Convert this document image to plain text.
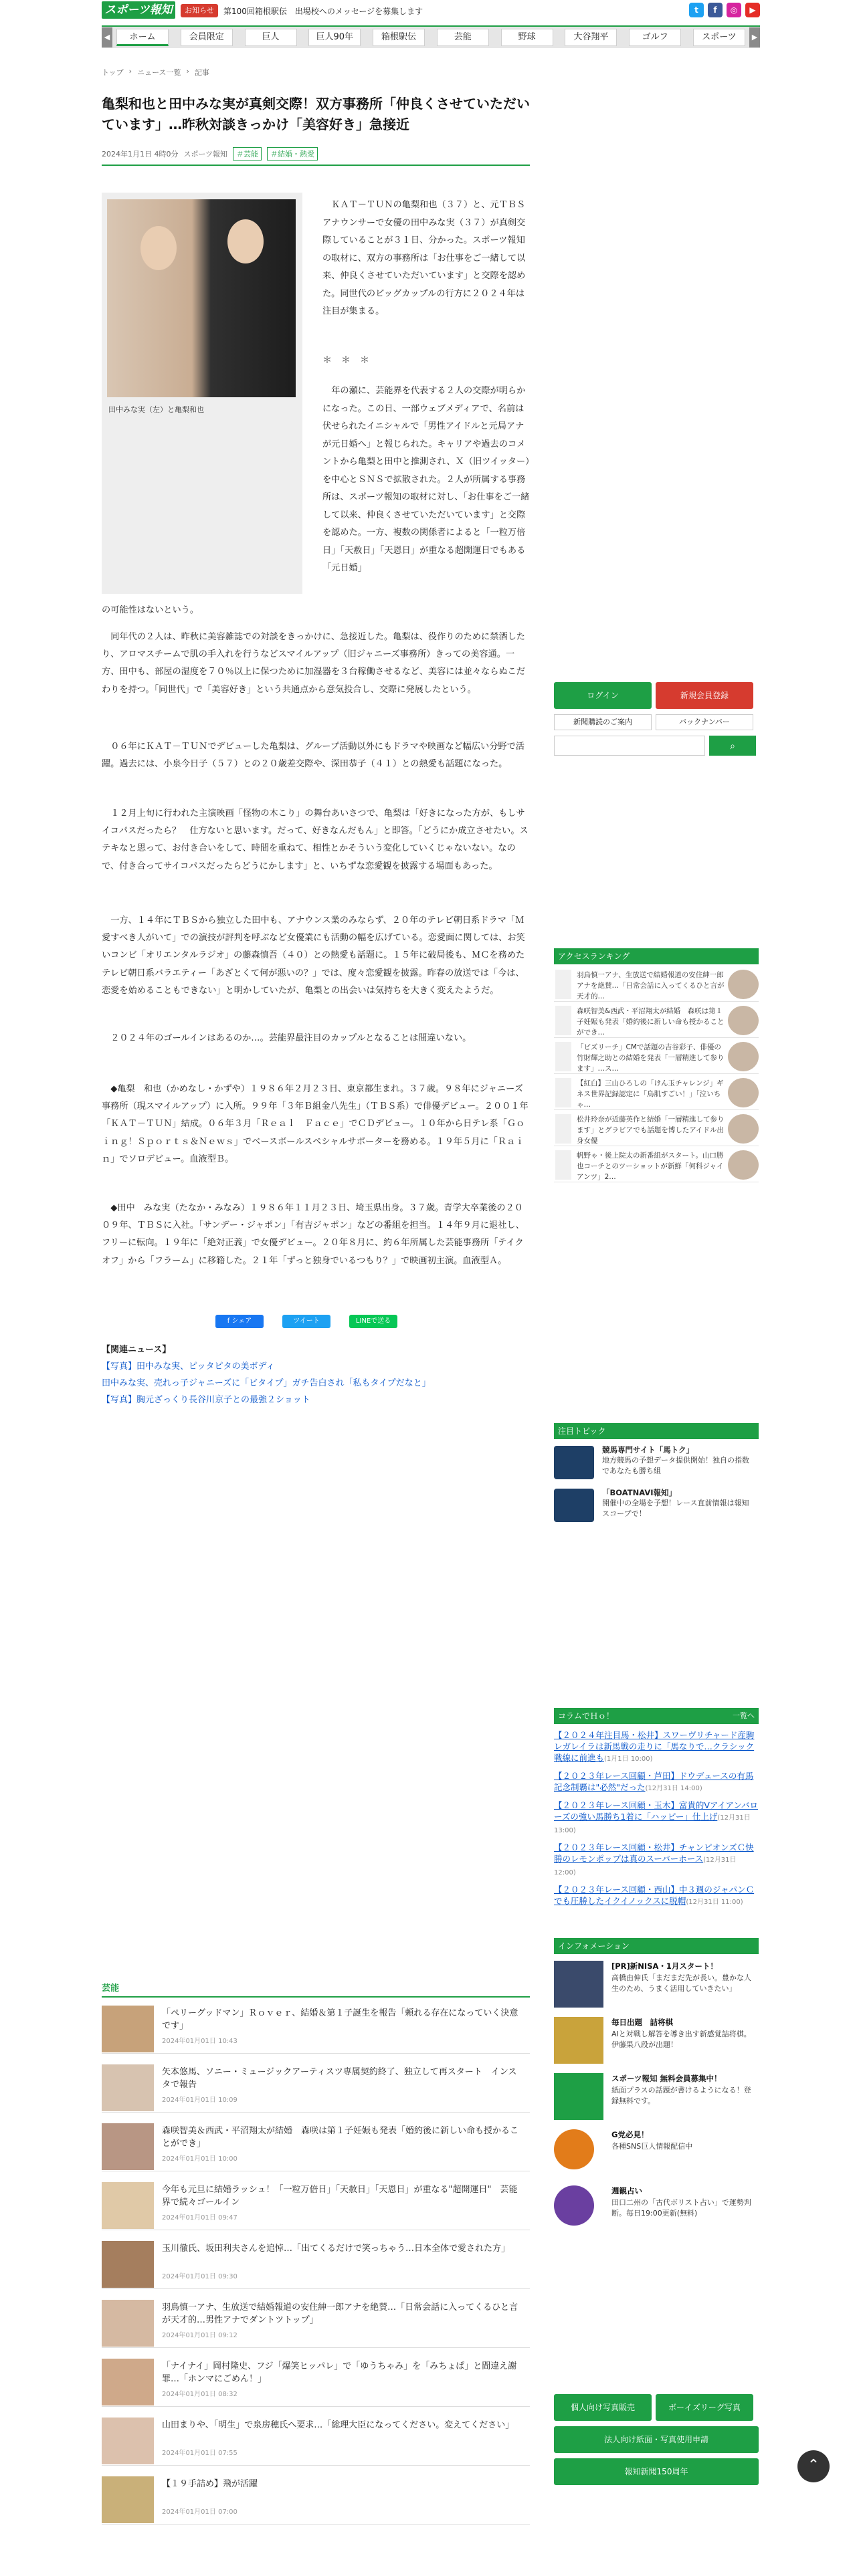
スポーツ報知	お知らせ	第100回箱根駅伝　出場校へのメッセージを募集します	t	f	◎	▶
◀	ホーム	会員限定	巨人	巨人90年	箱根駅伝	芸能	野球	大谷翔平	ゴルフ	スポーツ	▶
トップ › ニュース一覧 › 記事
亀梨和也と田中みな実が真剣交際！双方事務所「仲良くさせていただいています」…昨秋対談きっかけ「美容好き」急接近
2024年1月1日 4時0分 スポーツ報知	＃芸能	＃結婚・熱愛
田中みな実（左）と亀梨和也

ＫＡＴ－ＴＵＮの亀梨和也（３７）と、元ＴＢＳアナウンサーで女優の田中みな実（３７）が真剣交際していることが３１日、分かった。スポーツ報知の取材に、双方の事務所は「お仕事をご一緒して以来、仲良くさせていただいています」と交際を認めた。同世代のビッグカップルの行方に２０２４年は注目が集まる。

＊＊＊

年の瀬に、芸能界を代表する２人の交際が明らかになった。この日、一部ウェブメディアで、名前は伏せられたイニシャルで「男性アイドルと元局アナが元日婚へ」と報じられた。キャリアや過去のコメントから亀梨と田中と推測され、Ｘ（旧ツイッター）を中心とＳＮＳで拡散された。２人が所属する事務所は、スポーツ報知の取材に対し、「お仕事をご一緒して以来、仲良くさせていただいています」と交際を認めた。一方、複数の関係者によると「一粒万倍日」「天赦日」「天恩日」が重なる超開運日でもある「元日婚」

の可能性はないという。

同年代の２人は、昨秋に美容雑誌での対談をきっかけに、急接近した。亀梨は、役作りのために禁酒したり、アロマスチームで肌の手入れを行うなどスマイルアップ（旧ジャニーズ事務所）きっての美容通。一方、田中も、部屋の湿度を７０％以上に保つために加湿器を３台稼働させるなど、美容には並々ならぬこだわりを持つ。「同世代」で「美容好き」という共通点から意気投合し、交際に発展したという。

０６年にＫＡＴ－ＴＵＮでデビューした亀梨は、グループ活動以外にもドラマや映画など幅広い分野で活躍。過去には、小泉今日子（５７）との２０歳差交際や、深田恭子（４１）との熱愛も話題になった。

１２月上旬に行われた主演映画「怪物の木こり」の舞台あいさつで、亀梨は「好きになった方が、もしサイコパスだったら？　仕方ないと思います。だって、好きなんだもん」と即答。「どうにか成立させたい。ステキなと思って、お付き合いをして、時間を重ねて、相性とかそういう変化していくじゃないない。なので、付き合ってサイコパスだったらどうにかします」と、いちずな恋愛観を披露する場面もあった。

一方、１４年にＴＢＳから独立した田中も、アナウンス業のみならず、２０年のテレビ朝日系ドラマ「Ｍ　愛すべき人がいて」での演技が評判を呼ぶなど女優業にも活動の幅を広げている。恋愛面に関しては、お笑いコンビ「オリエンタルラジオ」の藤森慎吾（４０）との熱愛も話題に。１５年に破局後も、ＭＣを務めたテレビ朝日系バラエティー「あざとくて何が悪いの？」では、度々恋愛観を披露。昨春の放送では「今は、恋愛を始めることもできない」と明かしていたが、亀梨との出会いは気持ちを大きく変えたようだ。

２０２４年のゴールインはあるのか…。芸能界最注目のカップルとなることは間違いない。

◆亀梨　和也（かめなし・かずや）１９８６年２月２３日、東京都生まれ。３７歳。９８年にジャニーズ事務所（現スマイルアップ）に入所。９９年「３年Ｂ組金八先生」（ＴＢＳ系）で俳優デビュー。２００１年「ＫＡＴ－ＴＵＮ」結成。０６年３月「Ｒｅａｌ　Ｆａｃｅ」でＣＤデビュー。１０年から日テレ系「Ｇｏｉｎｇ！Ｓｐｏｒｔｓ＆Ｎｅｗｓ」でベースボールスペシャルサポーターを務める。１９年５月に「Ｒａｉｎ」でソロデビュー。血液型Ｂ。

◆田中　みな実（たなか・みなみ）１９８６年１１月２３日、埼玉県出身。３７歳。青学大卒業後の２００９年、ＴＢＳに入社。「サンデー・ジャポン」「有吉ジャポン」などの番組を担当。１４年９月に退社し、フリーに転向。１９年に「絶対正義」で女優デビュー。２０年８月に、約６年所属した芸能事務所「テイクオフ」から「フラーム」に移籍した。２１年「ずっと独身でいるつもり？」で映画初主演。血液型Ａ。

f シェア	ツイート	LINEで送る
【関連ニュース】
【写真】田中みな実、ピッタピタの美ボディ
田中みな実、売れっ子ジャニーズに「ビタイプ」ガチ告白され「私もタイプだなと」
【写真】胸元ざっくり長谷川京子との最強２ショット
ログイン	新規会員登録
新聞購読のご案内	バックナンバー
⌕
アクセスランキング
羽鳥慎一アナ、生放送で結婚報道の安住紳一郎アナを絶賛…「日常会話に入ってくるひと言が天才的…
森咲智美&西武・平沼翔太が結婚　森咲は第１子妊娠も発表「婚約後に新しい命も授かることができ…
「ビズリーチ」CMで話題の吉谷彩子、俳優の竹財輝之助との結婚を発表「一層精進して参ります」…ス…
【紅白】三山ひろしの「けん玉チャレンジ」ギネス世界記録認定に「鳥肌すごい！」「泣いちゃ…
松井玲奈が近藤英作と結婚「一層精進して参ります」とグラビアでも話題を博したアイドル出身女優
帆野ゃ・後上院太の新番組がスタート。山口勝也コーチとのツーショットが新鮮「何科ジャイアンツ」2…
注目トピック
競馬専門サイト「馬トク」
地方競馬の予想データ提供開始！独自の指数であなたも勝ち組
「BOATNAVI報知」
開催中の全場を予想！レース直前情報は報知スコープで！
コラムでＨｏ！	一覧へ
【２０２４年注目馬・松井】スワーヴリチャード産駒レガレイラは新馬戦の走りに「馬なりで…クラシック戦線に前進も(1月1日 10:00)
【２０２３年レース回顧・芦田】ドウデュースの有馬記念制覇は"必然"だった(12月31日 14:00)
【２０２３年レース回顧・玉木】富貴的Vアイアンバローズの強い馬勝ち1着に「ハッピー」仕上げ(12月31日 13:00)
【２０２３年レース回顧・松井】チャンピオンズＣ快勝のレモンポップは真のスーパーホース(12月31日 12:00)
【２０２３年レース回顧・西山】中３週のジャパンＣでも圧勝したイクイノックスに脱帽(12月31日 11:00)
インフォメーション
[PR]新NISA・1月スタート！
高橋由伸氏「まだまだ先が長い。豊かな人生のため、うまく活用していきたい」
毎日出題　詰将棋
AIと対戦し解答を導き出す新感覚詰将棋。伊藤果八段が出題！
スポーツ報知 無料会員募集中！
紙面プラスの話題が書けるようになる！登録無料です。
G党必見！
各種SNS巨人情報配信中
週観占い
田口二州の「古代ボリスト占い」で運勢判断。毎日19:00更新(無料)
個人向け写真販売	ボーイズリーグ写真
法人向け紙面・写真使用申請
報知新聞150周年	⌃
芸能
「ペリーグッドマン」Ｒｏｖｅｒ、結婚＆第１子誕生を報告「頼れる存在になっていく決意です」
2024年01月01日 10:43
矢本悠馬、ソニー・ミュージックアーティスツ専属契約終了、独立して再スタート　インスタで報告
2024年01月01日 10:09
森咲智美＆西武・平沼翔太が結婚　森咲は第１子妊娠も発表「婚約後に新しい命も授かることができ」
2024年01月01日 10:00
今年も元旦に結婚ラッシュ！「一粒万倍日」「天赦日」「天恩日」が重なる"超開運日"　芸能界で続々ゴールイン
2024年01月01日 09:47
玉川徹氏、坂田利夫さんを追悼…「出てくるだけで笑っちゃう…日本全体で愛された方」
2024年01月01日 09:30
羽鳥慎一アナ、生放送で結婚報道の安住紳一郎アナを絶賛…「日常会話に入ってくるひと言が天才的…男性アナでダントツトップ」
2024年01月01日 09:12
「ナイナイ」岡村隆史、フジ「爆笑ヒッパレ」で「ゆうちゃみ」を「みちょぱ」と間違え謝罪…「ホンマにごめん！」
2024年01月01日 08:32
山田まりや、「明生」で泉房穂氏へ要求…「総理大臣になってください。変えてください」
2024年01月01日 07:55
【１９手詰め】飛が活躍
2024年01月01日 07:00
